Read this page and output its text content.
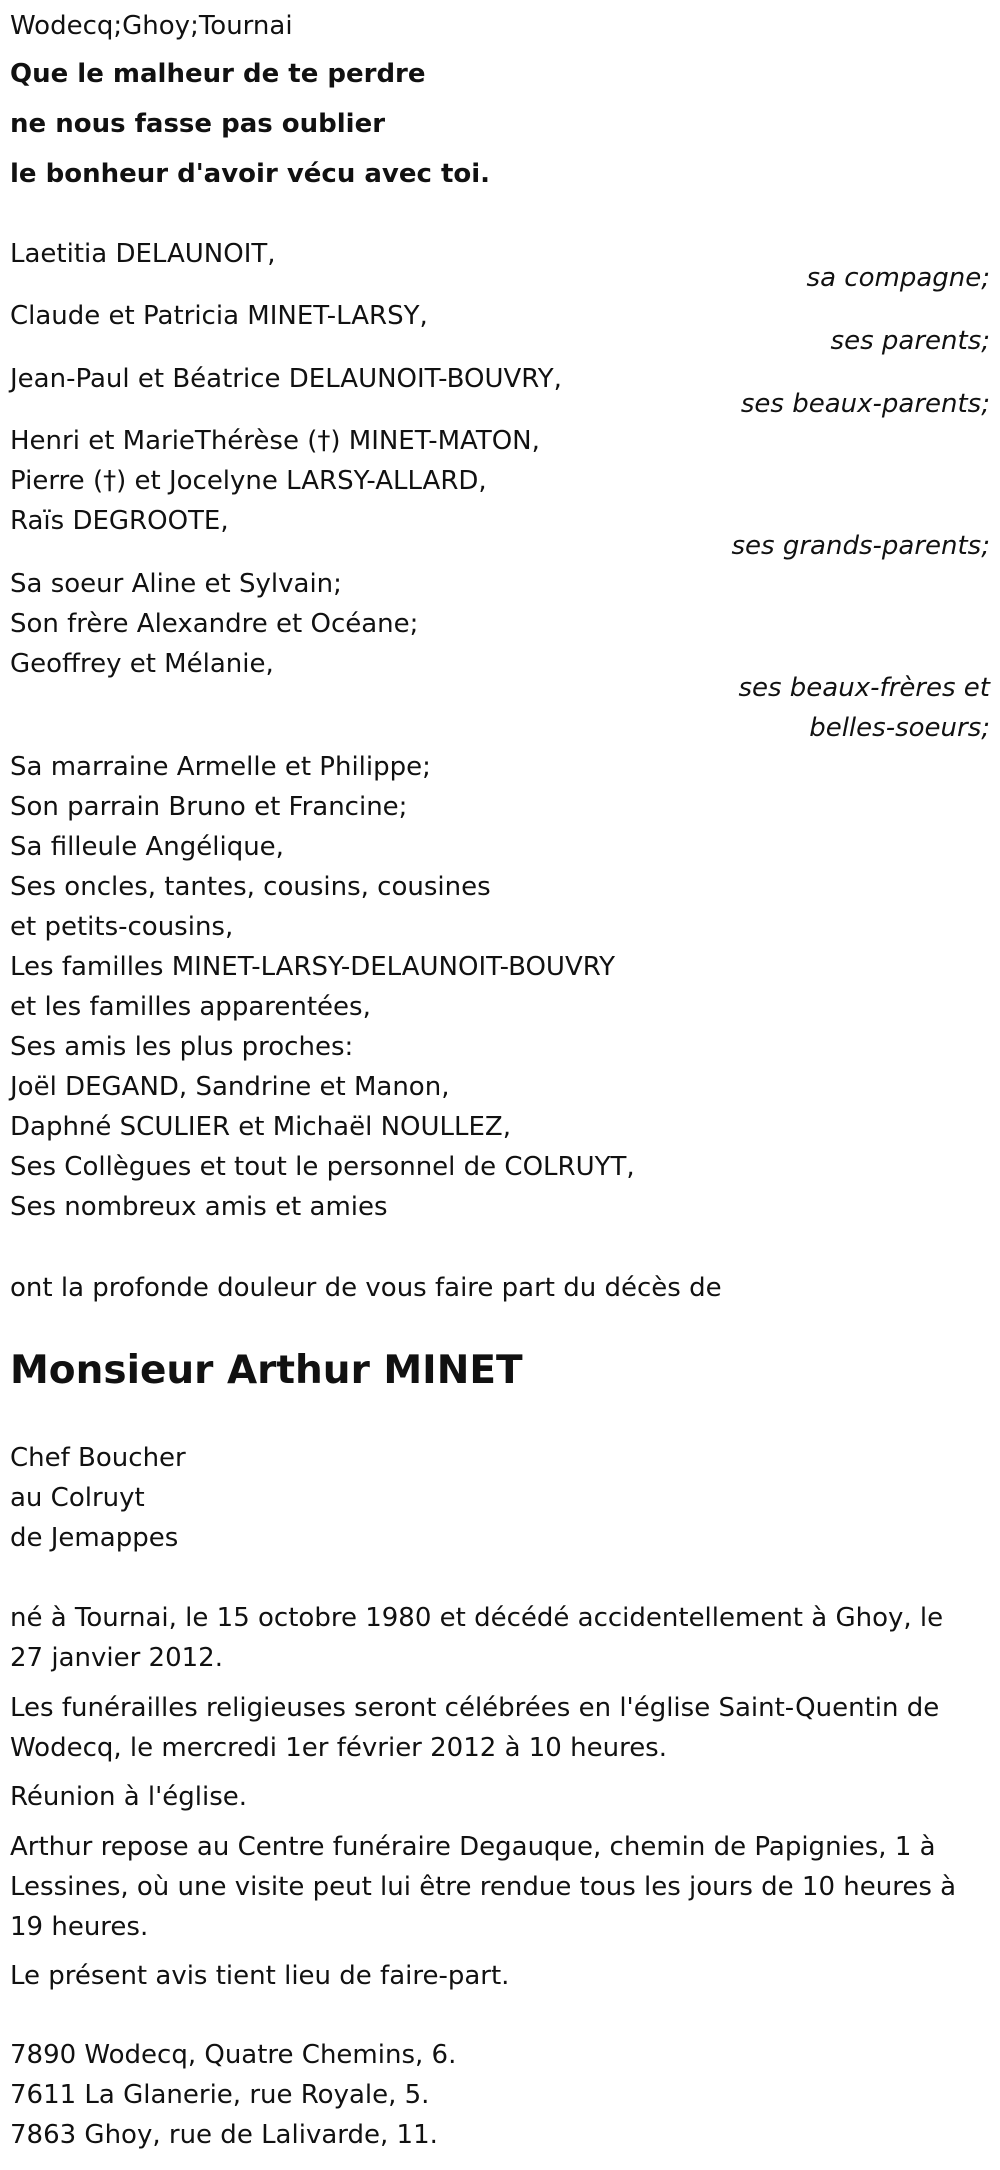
Wodecq;Ghoy;Tournai
Que le malheur de te perdre
ne nous fasse pas oublier
le bonheur d'avoir vécu avec toi.
Laetitia DELAUNOIT,
sa compagne;
Claude et Patricia MINET-LARSY,
ses parents;
Jean-Paul et Béatrice DELAUNOIT-BOUVRY,
ses beaux-parents;
Henri et MarieThérèse (†) MINET-MATON,
Pierre (†) et Jocelyne LARSY-ALLARD,
Raïs DEGROOTE,
ses grands-parents;
Sa soeur Aline et Sylvain;
Son frère Alexandre et Océane;
Geoffrey et Mélanie,
ses beaux-frères et
belles-soeurs;
Sa marraine Armelle et Philippe;
Son parrain Bruno et Francine;
Sa filleule Angélique,
Ses oncles, tantes, cousins, cousines
et petits-cousins,
Les familles MINET-LARSY-DELAUNOIT-BOUVRY
et les familles apparentées,
Ses amis les plus proches:
Joël DEGAND, Sandrine et Manon,
Daphné SCULIER et Michaël NOULLEZ,
Ses Collègues et tout le personnel de COLRUYT,
Ses nombreux amis et amies
ont la profonde douleur de vous faire part du décès de
Monsieur Arthur MINET
Chef Boucher
au Colruyt
de Jemappes

né à Tournai, le 15 octobre 1980 et décédé accidentellement à Ghoy, le 27 janvier 2012.

Les funérailles religieuses seront célébrées en l'église Saint-Quentin de Wodecq, le mercredi 1er février 2012 à 10 heures.

Réunion à l'église.

Arthur repose au Centre funéraire Degauque, chemin de Papignies, 1 à Lessines, où une visite peut lui être rendue tous les jours de 10 heures à 19 heures.

Le présent avis tient lieu de faire-part.

7890 Wodecq, Quatre Chemins, 6.
7611 La Glanerie, rue Royale, 5.
7863 Ghoy, rue de Lalivarde, 11.
